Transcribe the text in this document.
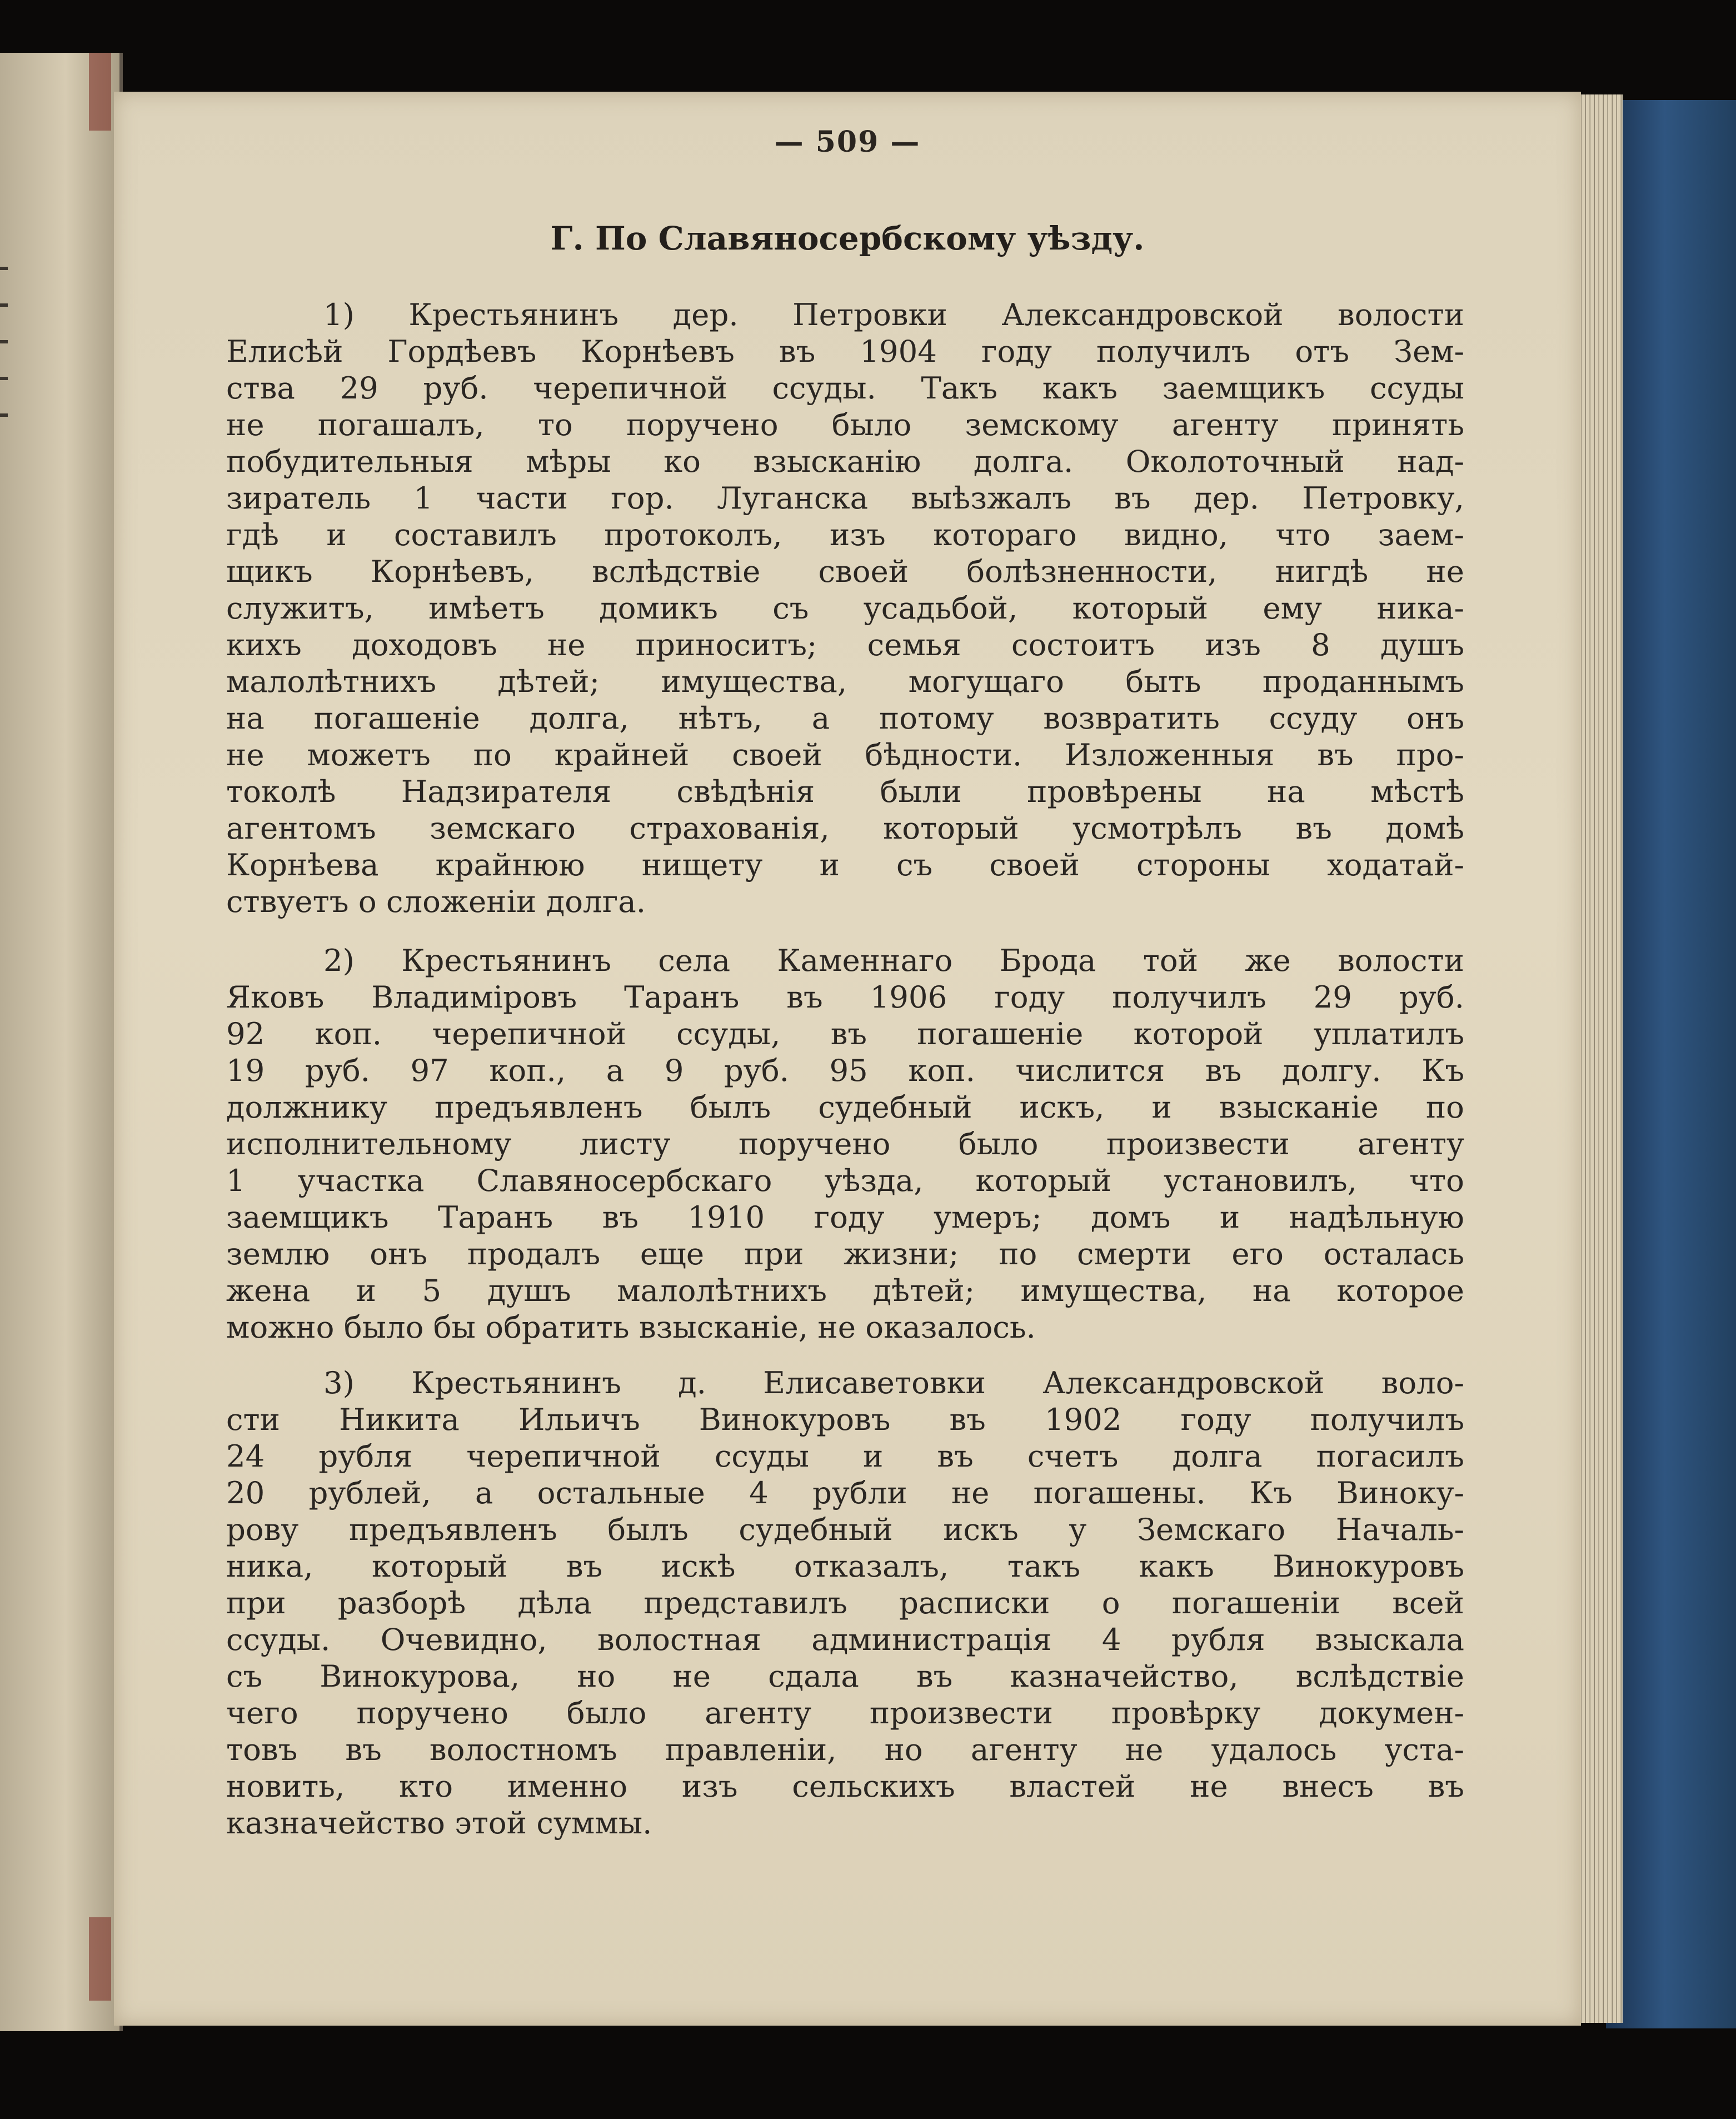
— 509 —
Г. По Славяносербскому уѣзду.
1) Крестьянинъ дер. Петровки Александровской волости
Елисѣй Гордѣевъ Корнѣевъ въ 1904 году получилъ отъ Зем-
ства 29 руб. черепичной ссуды. Такъ какъ заемщикъ ссуды
не погашалъ, то поручено было земскому агенту принять
побудительныя мѣры ко взысканію долга. Околоточный над-
зиратель 1 части гор. Луганска выѣзжалъ въ дер. Петровку,
гдѣ и составилъ протоколъ, изъ котораго видно, что заем-
щикъ Корнѣевъ, вслѣдствіе своей болѣзненности, нигдѣ не
служитъ, имѣетъ домикъ съ усадьбой, который ему ника-
кихъ доходовъ не приноситъ; семья состоитъ изъ 8 душъ
малолѣтнихъ дѣтей; имущества, могущаго быть проданнымъ
на погашеніе долга, нѣтъ, а потому возвратить ссуду онъ
не можетъ по крайней своей бѣдности. Изложенныя въ про-
токолѣ Надзирателя свѣдѣнія были провѣрены на мѣстѣ
агентомъ земскаго страхованія, который усмотрѣлъ въ домѣ
Корнѣева крайнюю нищету и съ своей стороны ходатай-
ствуетъ о сложеніи долга.
2) Крестьянинъ села Каменнаго Брода той же волости
Яковъ Владиміровъ Таранъ въ 1906 году получилъ 29 руб.
92 коп. черепичной ссуды, въ погашеніе которой уплатилъ
19 руб. 97 коп., а 9 руб. 95 коп. числится въ долгу. Къ
должнику предъявленъ былъ судебный искъ, и взысканіе по
исполнительному листу поручено было произвести агенту
1 участка Славяносербскаго уѣзда, который установилъ, что
заемщикъ Таранъ въ 1910 году умеръ; домъ и надѣльную
землю онъ продалъ еще при жизни; по смерти его осталась
жена и 5 душъ малолѣтнихъ дѣтей; имущества, на которое
можно было бы обратить взысканіе, не оказалось.
3) Крестьянинъ д. Елисаветовки Александровской воло-
сти Никита Ильичъ Винокуровъ въ 1902 году получилъ
24 рубля черепичной ссуды и въ счетъ долга погасилъ
20 рублей, а остальные 4 рубли не погашены. Къ Виноку-
рову предъявленъ былъ судебный искъ у Земскаго Началь-
ника, который въ искѣ отказалъ, такъ какъ Винокуровъ
при разборѣ дѣла представилъ расписки о погашеніи всей
ссуды. Очевидно, волостная администрація 4 рубля взыскала
съ Винокурова, но не сдала въ казначейство, вслѣдствіе
чего поручено было агенту произвести провѣрку докумен-
товъ въ волостномъ правленіи, но агенту не удалось уста-
новить, кто именно изъ сельскихъ властей не внесъ въ
казначейство этой суммы.
